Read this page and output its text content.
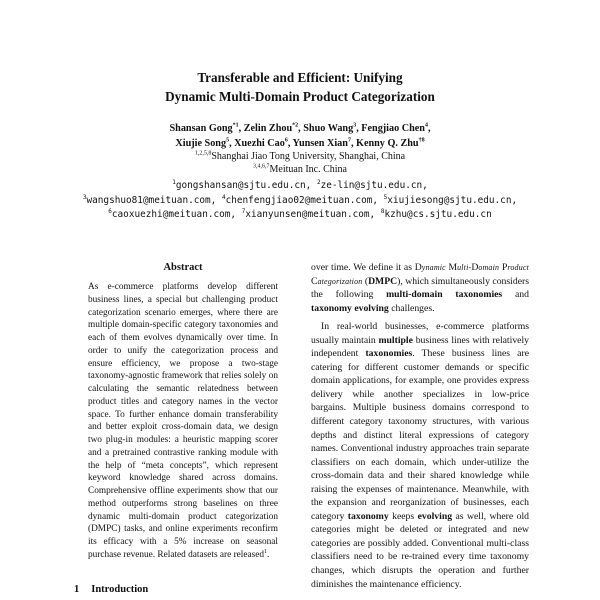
Transferable and Efficient: Unifying
Dynamic Multi-Domain Product Categorization
Shansan Gong$^{*1}$, Zelin Zhou$^{*2}$, Shuo Wang$^3$, Fengjiao Chen$^4$,
Xiujie Song$^5$, Xuezhi Cao$^6$, Yunsen Xian$^7$, Kenny Q. Zhu$^{\dagger 8}$
$^{1,2,5,8}$Shanghai Jiao Tong University, Shanghai, China
$^{3,4,6,7}$Meituan Inc. China
$^1$gongshansan@sjtu.edu.cn, $^2$ze-lin@sjtu.edu.cn,
$^3$wangshuo81@meituan.com, $^4$chenfengjiao02@meituan.com, $^5$xiujiesong@sjtu.edu.cn,
$^6$caoxuezhi@meituan.com, $^7$xianyunsen@meituan.com, $^8$kzhu@cs.sjtu.edu.cn
Abstract
As e-commerce platforms develop different business lines, a special but challenging product categorization scenario emerges, where there are multiple domain-specific category taxonomies and each of them evolves dynamically over time. In order to unify the categorization process and ensure efficiency, we propose a two-stage taxonomy-agnostic framework that relies solely on calculating the semantic relatedness between product titles and category names in the vector space. To further enhance domain transferability and better exploit cross-domain data, we design two plug-in modules: a heuristic mapping scorer and a pretrained contrastive ranking module with the help of “meta concepts”, which represent keyword knowledge shared across domains. Comprehensive offline experiments show that our method outperforms strong baselines on three dynamic multi-domain product categorization (DMPC) tasks, and online experiments reconfirm its efficacy with a 5% increase on seasonal purchase revenue. Related datasets are released$^1$.
1 Introduction

over time. We define it as Dynamic Multi-Domain Product Categorization (DMPC), which simultaneously considers the following multi-domain taxonomies and taxonomy evolving challenges.

In real-world businesses, e-commerce platforms usually maintain multiple business lines with relatively independent taxonomies. These business lines are catering for different customer demands or specific domain applications, for example, one provides express delivery while another specializes in low-price bargains. Multiple business domains correspond to different category taxonomy structures, with various depths and distinct literal expressions of category names. Conventional industry approaches train separate classifiers on each domain, which under-utilize the cross-domain data and their shared knowledge while raising the expenses of maintenance. Meanwhile, with the expansion and reorganization of businesses, each category taxonomy keeps evolving as well, where old categories might be deleted or integrated and new categories are possibly added. Conventional multi-class classifiers need to be re-trained every time taxonomy changes, which disrupts the operation and further diminishes the maintenance efficiency.
